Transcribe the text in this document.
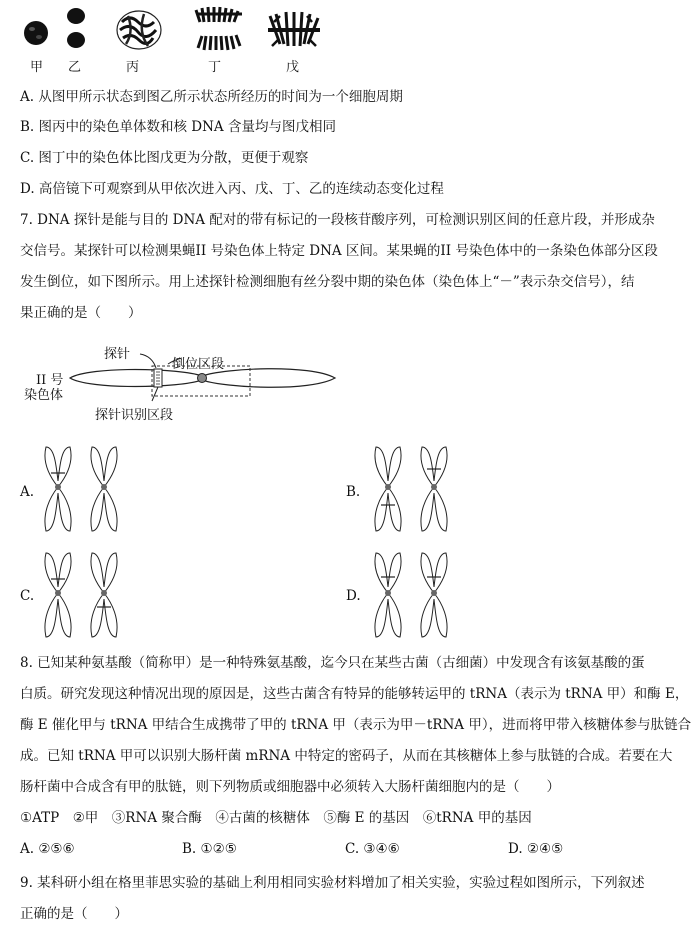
甲 乙	丙	丁	戊
A. 从图甲所示状态到图乙所示状态所经历的时间为一个细胞周期
B. 图丙中的染色单体数和核 DNA 含量均与图戊相同
C. 图丁中的染色体比图戊更为分散，更便于观察
D. 高倍镜下可观察到从甲依次进入丙、戊、丁、乙的连续动态变化过程
7. DNA 探针是能与目的 DNA 配对的带有标记的一段核苷酸序列，可检测识别区间的任意片段，并形成杂
交信号。某探针可以检测果蝇II 号染色体上特定 DNA 区间。某果蝇的II 号染色体中的一条染色体部分区段
发生倒位，如下图所示。用上述探针检测细胞有丝分裂中期的染色体（染色体上“－”表示杂交信号），结
果正确的是（　　）
II 号
染色体
探针
倒位区段
探针识别区段
A.	B.
C.	D.
8. 已知某种氨基酸（简称甲）是一种特殊氨基酸，迄今只在某些古菌（古细菌）中发现含有该氨基酸的蛋
白质。研究发现这种情况出现的原因是，这些古菌含有特异的能够转运甲的 tRNA（表示为 tRNA 甲）和酶 E，
酶 E 催化甲与 tRNA 甲结合生成携带了甲的 tRNA 甲（表示为甲－tRNA 甲），进而将甲带入核糖体参与肽链合
成。已知 tRNA 甲可以识别大肠杆菌 mRNA 中特定的密码子，从而在其核糖体上参与肽链的合成。若要在大
肠杆菌中合成含有甲的肽链，则下列物质或细胞器中必须转入大肠杆菌细胞内的是（　　）
①ATP　②甲　③RNA 聚合酶　④古菌的核糖体　⑤酶 E 的基因　⑥tRNA 甲的基因
A. ②⑤⑥	B. ①②⑤	C. ③④⑥	D. ②④⑤
9. 某科研小组在格里菲思实验的基础上利用相同实验材料增加了相关实验，实验过程如图所示，下列叙述
正确的是（　　）
